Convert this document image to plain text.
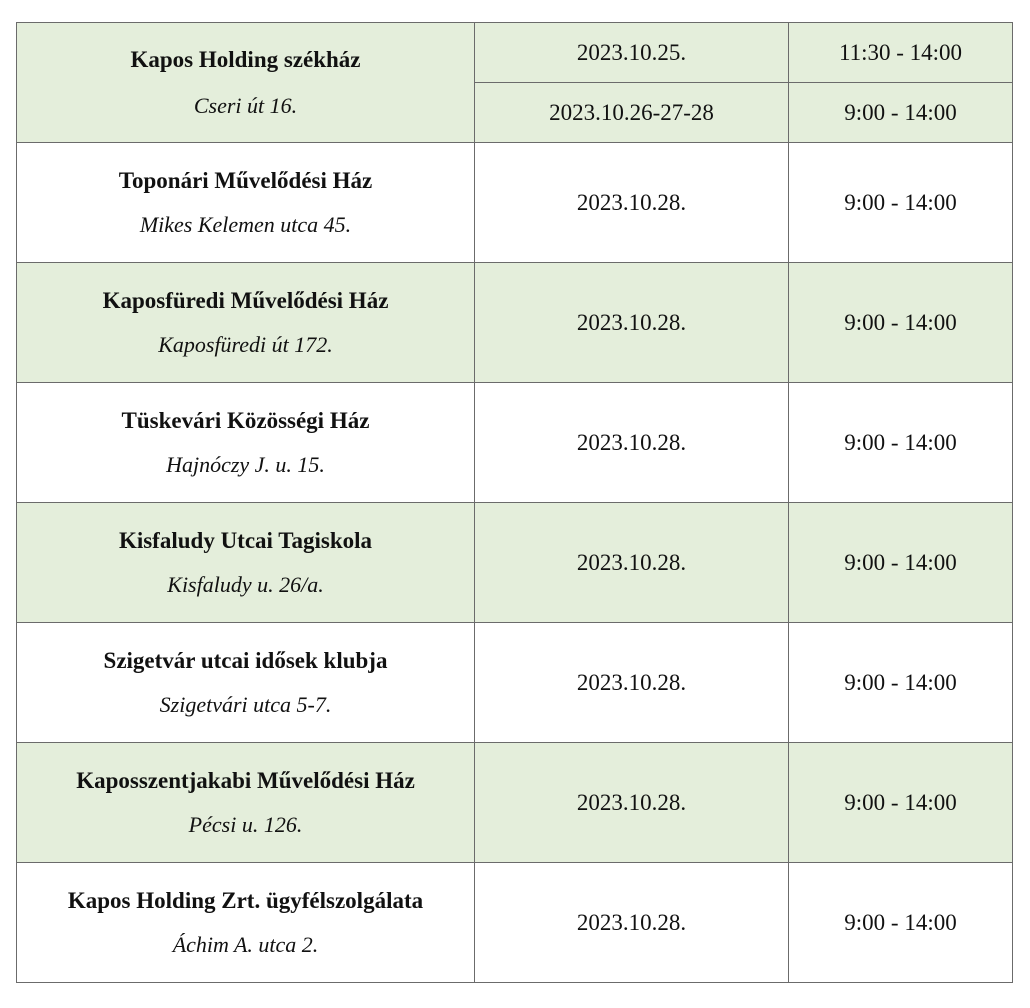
Kapos Holding székház
Cseri út 16.	2023.10.25.	11:30 - 14:00
	2023.10.26-27-28	9:00 - 14:00

Toponári Művelődési Ház
Mikes Kelemen utca 45.	2023.10.28.	9:00 - 14:00

Kaposfüredi Művelődési Ház
Kaposfüredi út 172.	2023.10.28.	9:00 - 14:00

Tüskevári Közösségi Ház
Hajnóczy J. u. 15.	2023.10.28.	9:00 - 14:00

Kisfaludy Utcai Tagiskola
Kisfaludy u. 26/a.	2023.10.28.	9:00 - 14:00

Szigetvár utcai idősek klubja
Szigetvári utca 5-7.	2023.10.28.	9:00 - 14:00

Kaposszentjakabi Művelődési Ház
Pécsi u. 126.	2023.10.28.	9:00 - 14:00

Kapos Holding Zrt. ügyfélszolgálata
Áchim A. utca 2.	2023.10.28.	9:00 - 14:00
